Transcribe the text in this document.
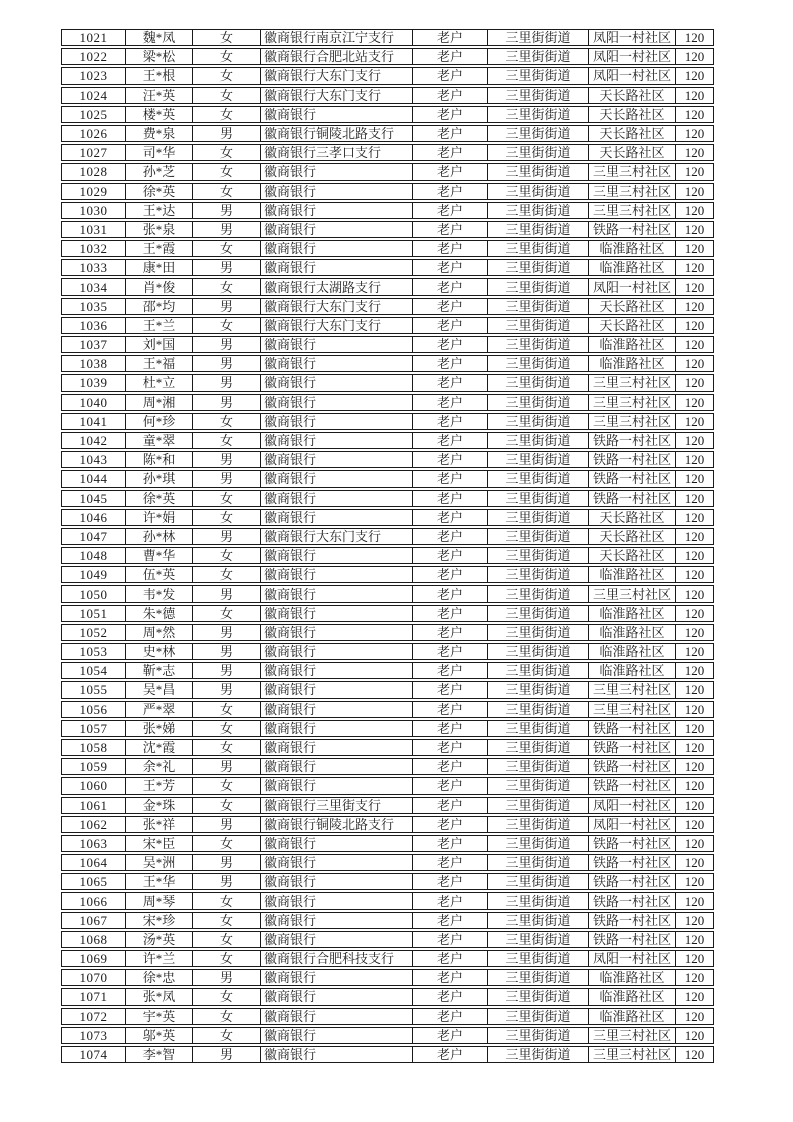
1021	魏*凤	女	徽商银行南京江宁支行	老户	三里街街道	凤阳一村社区	120
1022	梁*松	女	徽商银行合肥北站支行	老户	三里街街道	凤阳一村社区	120
1023	王*根	女	徽商银行大东门支行	老户	三里街街道	凤阳一村社区	120
1024	汪*英	女	徽商银行大东门支行	老户	三里街街道	天长路社区	120
1025	楼*英	女	徽商银行	老户	三里街街道	天长路社区	120
1026	费*泉	男	徽商银行铜陵北路支行	老户	三里街街道	天长路社区	120
1027	司*华	女	徽商银行三孝口支行	老户	三里街街道	天长路社区	120
1028	孙*芝	女	徽商银行	老户	三里街街道	三里三村社区	120
1029	徐*英	女	徽商银行	老户	三里街街道	三里三村社区	120
1030	王*达	男	徽商银行	老户	三里街街道	三里三村社区	120
1031	张*泉	男	徽商银行	老户	三里街街道	铁路一村社区	120
1032	王*霞	女	徽商银行	老户	三里街街道	临淮路社区	120
1033	康*田	男	徽商银行	老户	三里街街道	临淮路社区	120
1034	肖*俊	女	徽商银行太湖路支行	老户	三里街街道	凤阳一村社区	120
1035	邵*均	男	徽商银行大东门支行	老户	三里街街道	天长路社区	120
1036	王*兰	女	徽商银行大东门支行	老户	三里街街道	天长路社区	120
1037	刘*国	男	徽商银行	老户	三里街街道	临淮路社区	120
1038	王*福	男	徽商银行	老户	三里街街道	临淮路社区	120
1039	杜*立	男	徽商银行	老户	三里街街道	三里三村社区	120
1040	周*湘	男	徽商银行	老户	三里街街道	三里三村社区	120
1041	何*珍	女	徽商银行	老户	三里街街道	三里三村社区	120
1042	童*翠	女	徽商银行	老户	三里街街道	铁路一村社区	120
1043	陈*和	男	徽商银行	老户	三里街街道	铁路一村社区	120
1044	孙*琪	男	徽商银行	老户	三里街街道	铁路一村社区	120
1045	徐*英	女	徽商银行	老户	三里街街道	铁路一村社区	120
1046	许*娟	女	徽商银行	老户	三里街街道	天长路社区	120
1047	孙*林	男	徽商银行大东门支行	老户	三里街街道	天长路社区	120
1048	曹*华	女	徽商银行	老户	三里街街道	天长路社区	120
1049	伍*英	女	徽商银行	老户	三里街街道	临淮路社区	120
1050	韦*发	男	徽商银行	老户	三里街街道	三里三村社区	120
1051	朱*德	女	徽商银行	老户	三里街街道	临淮路社区	120
1052	周*然	男	徽商银行	老户	三里街街道	临淮路社区	120
1053	史*林	男	徽商银行	老户	三里街街道	临淮路社区	120
1054	靳*志	男	徽商银行	老户	三里街街道	临淮路社区	120
1055	吴*昌	男	徽商银行	老户	三里街街道	三里三村社区	120
1056	严*翠	女	徽商银行	老户	三里街街道	三里三村社区	120
1057	张*娣	女	徽商银行	老户	三里街街道	铁路一村社区	120
1058	沈*霞	女	徽商银行	老户	三里街街道	铁路一村社区	120
1059	余*礼	男	徽商银行	老户	三里街街道	铁路一村社区	120
1060	王*芳	女	徽商银行	老户	三里街街道	铁路一村社区	120
1061	金*珠	女	徽商银行三里街支行	老户	三里街街道	凤阳一村社区	120
1062	张*祥	男	徽商银行铜陵北路支行	老户	三里街街道	凤阳一村社区	120
1063	宋*臣	女	徽商银行	老户	三里街街道	铁路一村社区	120
1064	吴*洲	男	徽商银行	老户	三里街街道	铁路一村社区	120
1065	王*华	男	徽商银行	老户	三里街街道	铁路一村社区	120
1066	周*琴	女	徽商银行	老户	三里街街道	铁路一村社区	120
1067	宋*珍	女	徽商银行	老户	三里街街道	铁路一村社区	120
1068	汤*英	女	徽商银行	老户	三里街街道	铁路一村社区	120
1069	许*兰	女	徽商银行合肥科技支行	老户	三里街街道	凤阳一村社区	120
1070	徐*忠	男	徽商银行	老户	三里街街道	临淮路社区	120
1071	张*凤	女	徽商银行	老户	三里街街道	临淮路社区	120
1072	宇*英	女	徽商银行	老户	三里街街道	临淮路社区	120
1073	邬*英	女	徽商银行	老户	三里街街道	三里三村社区	120
1074	李*智	男	徽商银行	老户	三里街街道	三里三村社区	120
